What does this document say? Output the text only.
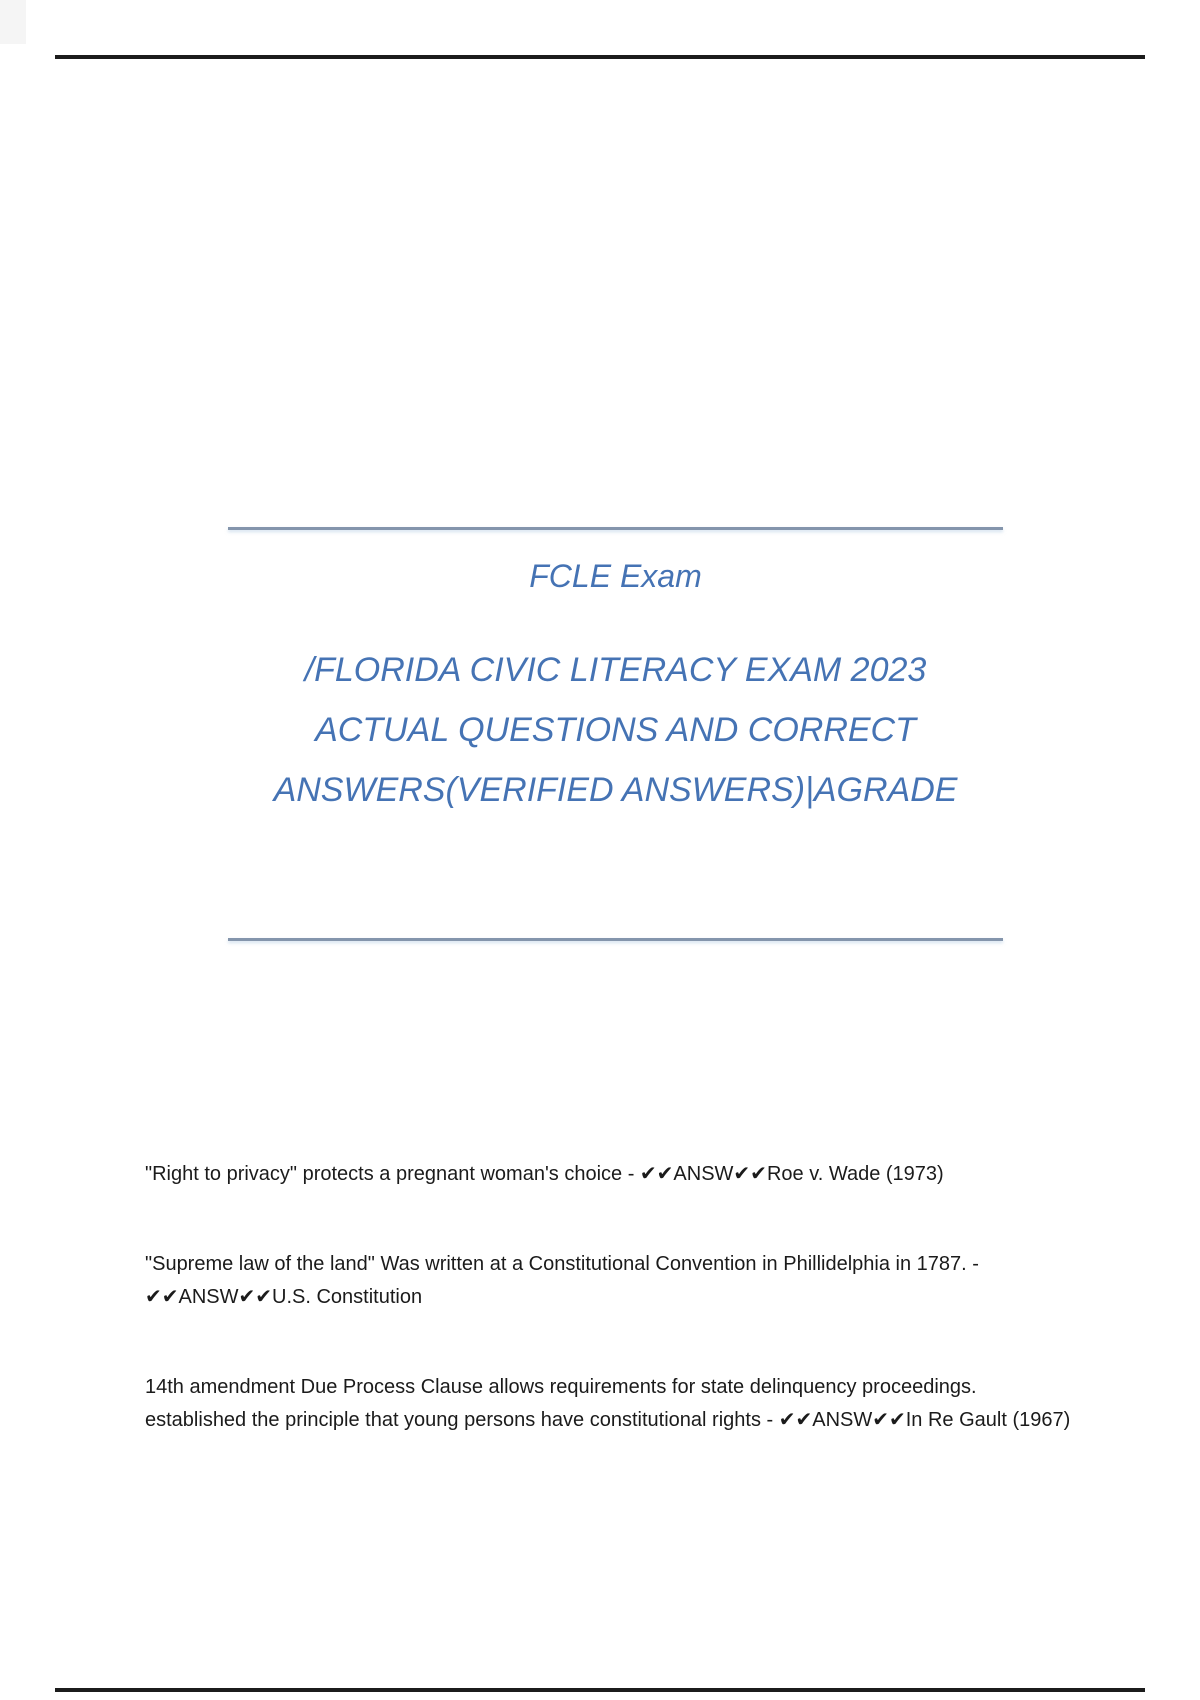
FCLE Exam
/FLORIDA CIVIC LITERACY EXAM 2023
ACTUAL QUESTIONS AND CORRECT
ANSWERS(VERIFIED ANSWERS)|AGRADE
"Right to privacy" protects a pregnant woman's choice - ✔✔ANSW✔✔Roe v. Wade (1973)
"Supreme law of the land" Was written at a Constitutional Convention in Phillidelphia in 1787. -
✔✔ANSW✔✔U.S. Constitution
14th amendment Due Process Clause allows requirements for state delinquency proceedings.
established the principle that young persons have constitutional rights - ✔✔ANSW✔✔In Re Gault (1967)
